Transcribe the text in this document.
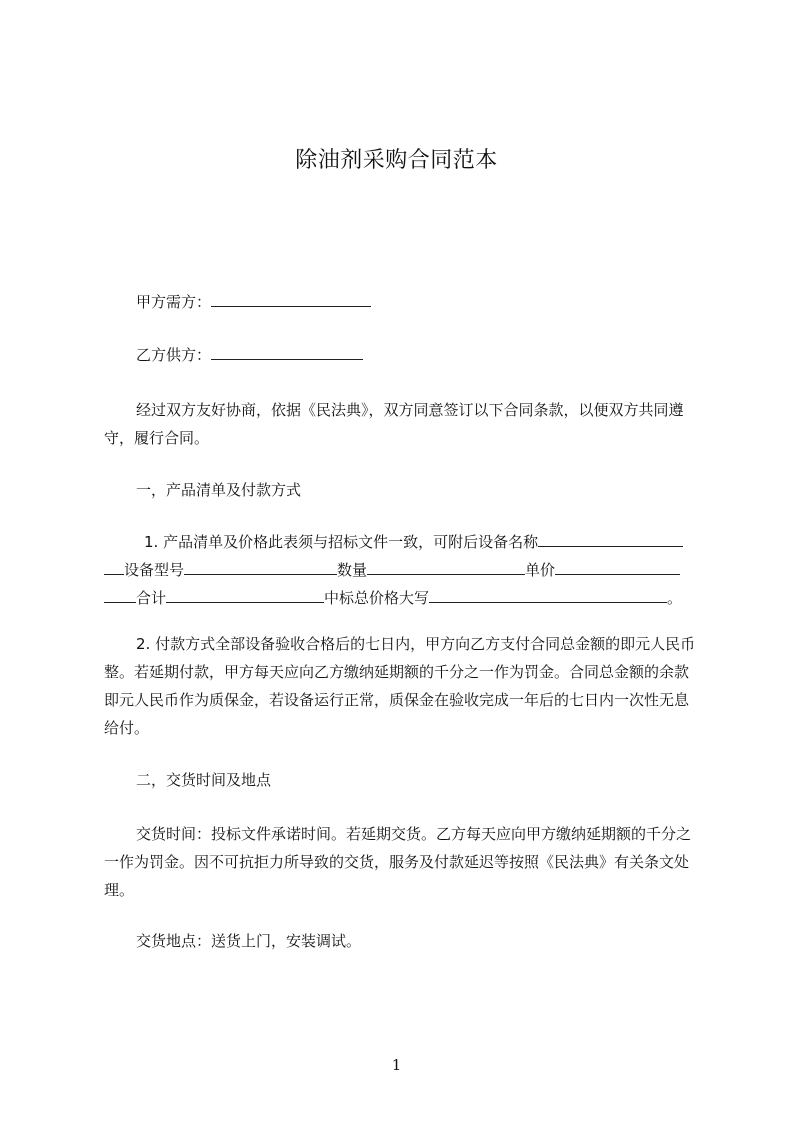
除油剂采购合同范本
甲方需方：
乙方供方：
经过双方友好协商，依据《民法典》，双方同意签订以下合同条款，以便双方共同遵守，履行合同。
一，产品清单及付款方式
1. 产品清单及价格此表须与招标文件一致，可附后设备名称
设备型号	数量	单价
合计	中标总价格大写	。
2. 付款方式全部设备验收合格后的七日内，甲方向乙方支付合同总金额的即元人民币整。若延期付款，甲方每天应向乙方缴纳延期额的千分之一作为罚金。合同总金额的余款即元人民币作为质保金，若设备运行正常，质保金在验收完成一年后的七日内一次性无息给付。
二，交货时间及地点
交货时间：投标文件承诺时间。若延期交货。乙方每天应向甲方缴纳延期额的千分之一作为罚金。因不可抗拒力所导致的交货，服务及付款延迟等按照《民法典》有关条文处理。
交货地点：送货上门，安装调试。
1
